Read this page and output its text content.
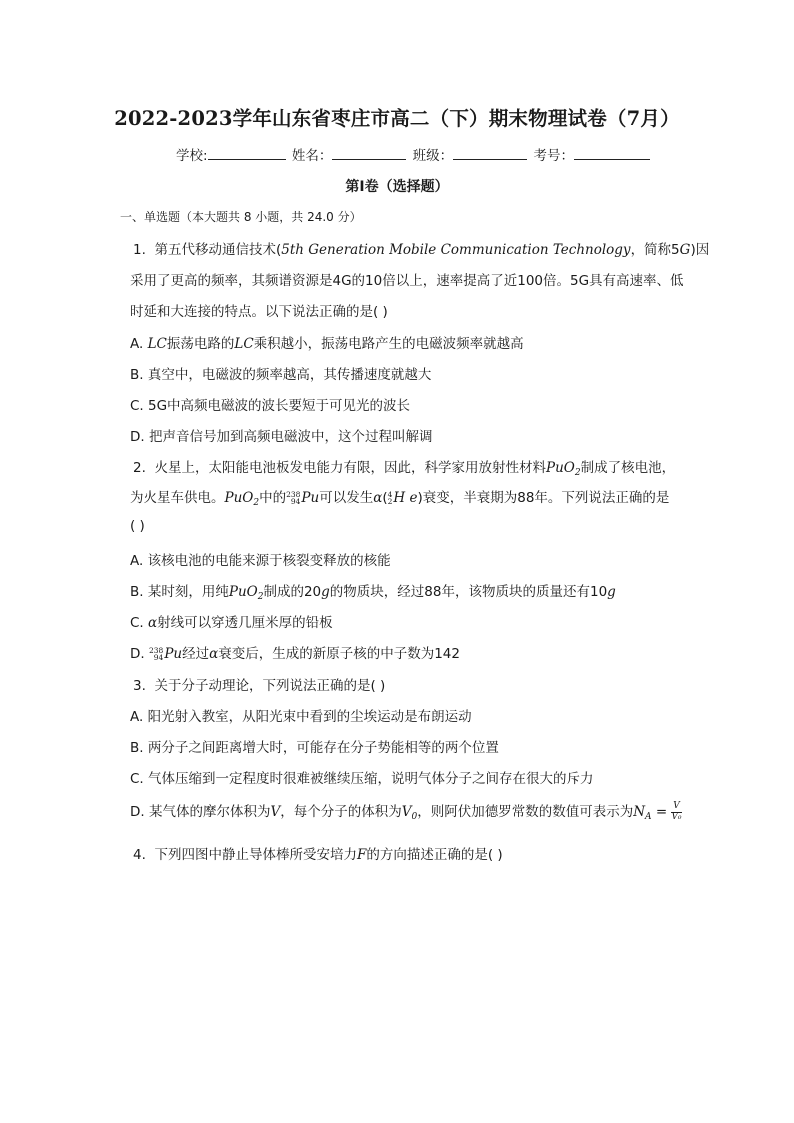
2022-2023学年山东省枣庄市高二（下）期末物理试卷（7月）
学校:	姓名：	班级：	考号：
第I卷（选择题）
一、单选题（本大题共 8 小题，共 24.0 分）
1. 第五代移动通信技术(5th Generation Mobile Communication Technology，简称5G)因
采用了更高的频率，其频谱资源是4G的10倍以上，速率提高了近100倍。5G具有高速率、低
时延和大连接的特点。以下说法正确的是( )
A. LC振荡电路的LC乘积越小，振荡电路产生的电磁波频率就越高
B. 真空中，电磁波的频率越高，其传播速度就越大
C. 5G中高频电磁波的波长要短于可见光的波长
D. 把声音信号加到高频电磁波中，这个过程叫解调
2. 火星上，太阳能电池板发电能力有限，因此，科学家用放射性材料PuO$_2$制成了核电池，
为火星车供电。PuO$_2$中的 238
94 Pu可以发生α( 4
2 H e)衰变，半衰期为88年。下列说法正确的是
( )
A. 该核电池的电能来源于核裂变释放的核能
B. 某时刻，用纯PuO$_2$制成的20g的物质块，经过88年，该物质块的质量还有10g
C. α射线可以穿透几厘米厚的铅板
D. 238
94 Pu经过α衰变后，生成的新原子核的中子数为142
3. 关于分子动理论，下列说法正确的是( )
A. 阳光射入教室，从阳光束中看到的尘埃运动是布朗运动
B. 两分子之间距离增大时，可能存在分子势能相等的两个位置
C. 气体压缩到一定程度时很难被继续压缩，说明气体分子之间存在很大的斥力
D. 某气体的摩尔体积为V，每个分子的体积为$V_0$，则阿伏加德罗常数的数值可表示为$N_A = \frac{V}{\text{V₀}}$
4. 下列四图中静止导体棒所受安培力F的方向描述正确的是( )
